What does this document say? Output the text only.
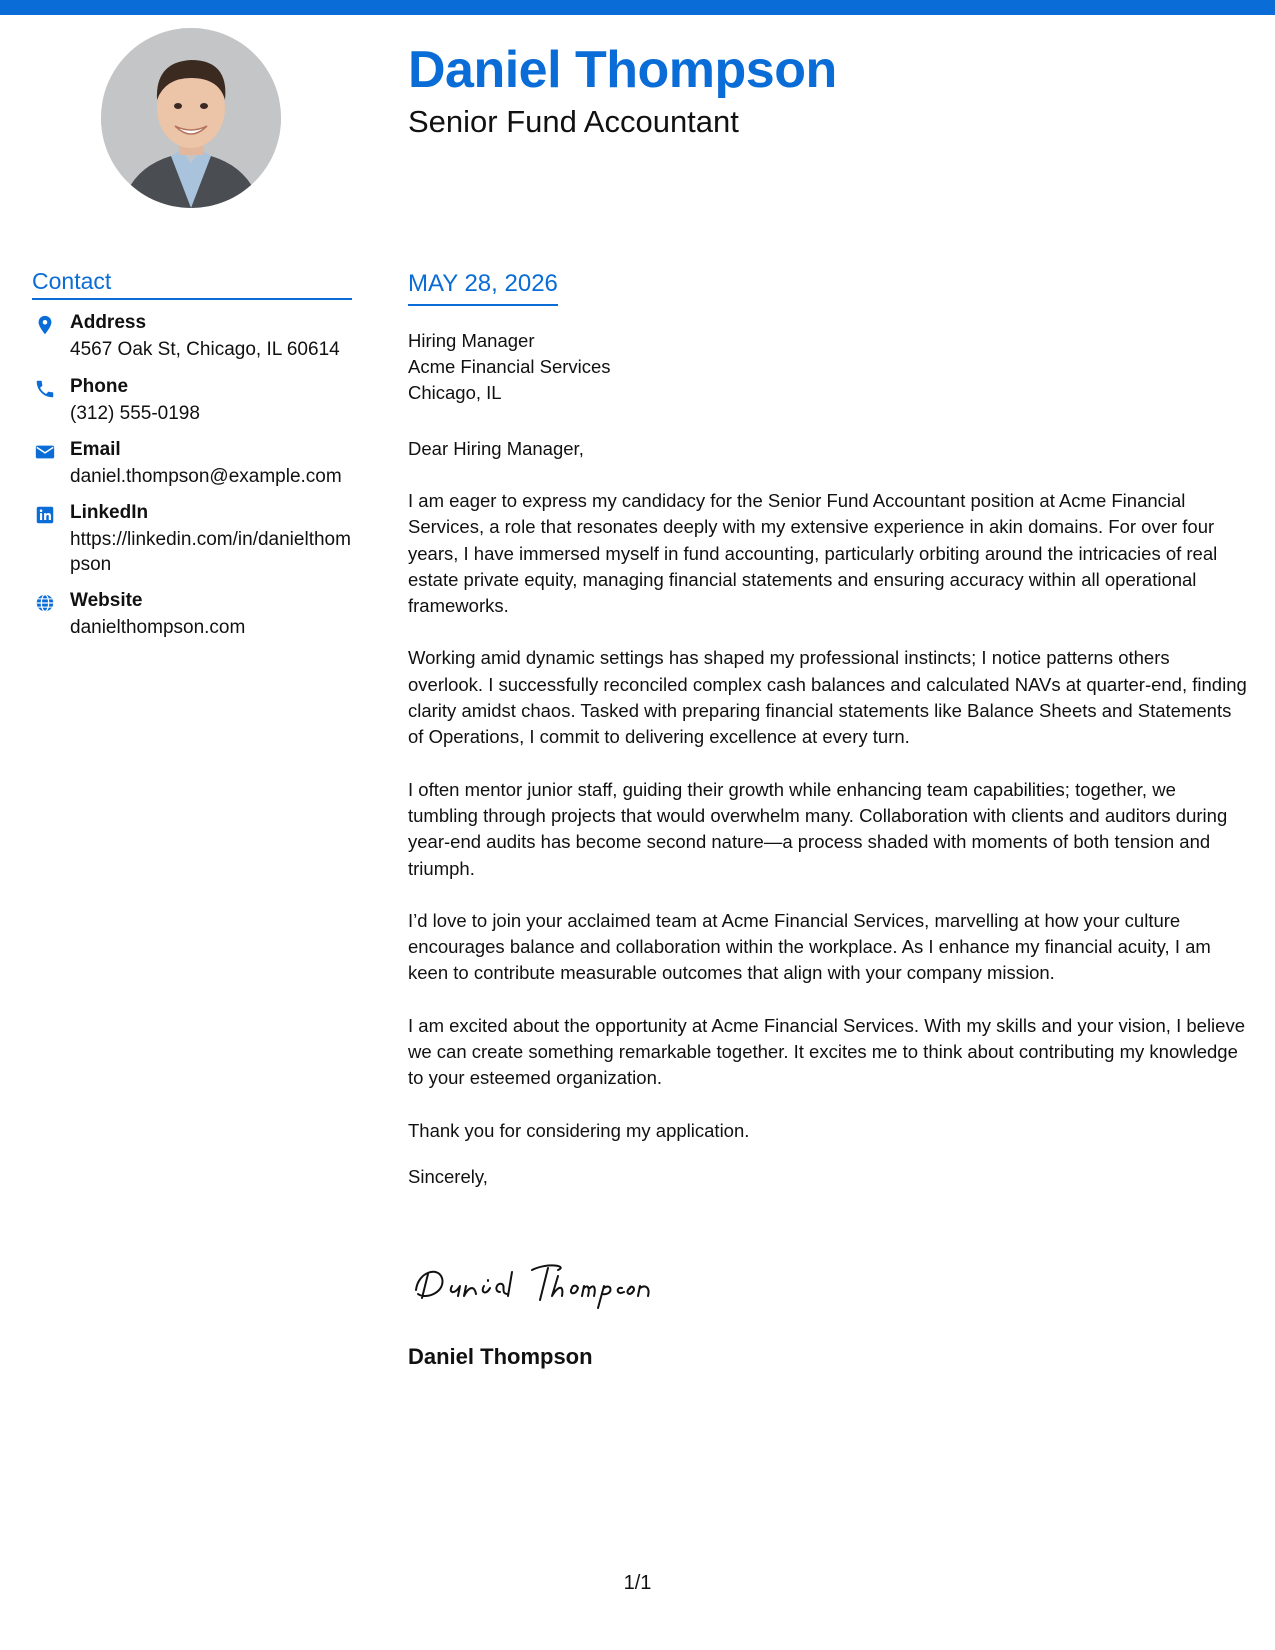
Daniel Thompson
Senior Fund Accountant
Contact
Address
4567 Oak St, Chicago, IL 60614
Phone
(312) 555-0198
Email
daniel.thompson@example.com
LinkedIn
https://linkedin.com/in/danielthompson
Website
danielthompson.com
MAY 28, 2026
Hiring Manager
Acme Financial Services
Chicago, IL
Dear Hiring Manager,

I am eager to express my candidacy for the Senior Fund Accountant position at Acme Financial Services, a role that resonates deeply with my extensive experience in akin domains. For over four years, I have immersed myself in fund accounting, particularly orbiting around the intricacies of real estate private equity, managing financial statements and ensuring accuracy within all operational frameworks.

Working amid dynamic settings has shaped my professional instincts; I notice patterns others overlook. I successfully reconciled complex cash balances and calculated NAVs at quarter-end, finding clarity amidst chaos. Tasked with preparing financial statements like Balance Sheets and Statements of Operations, I commit to delivering excellence at every turn.

I often mentor junior staff, guiding their growth while enhancing team capabilities; together, we tumbling through projects that would overwhelm many. Collaboration with clients and auditors during year-end audits has become second nature—a process shaded with moments of both tension and triumph.

I’d love to join your acclaimed team at Acme Financial Services, marvelling at how your culture encourages balance and collaboration within the workplace. As I enhance my financial acuity, I am keen to contribute measurable outcomes that align with your company mission.

I am excited about the opportunity at Acme Financial Services. With my skills and your vision, I believe we can create something remarkable together. It excites me to think about contributing my knowledge to your esteemed organization.

Thank you for considering my application.

Sincerely,
Daniel Thompson
1/1
